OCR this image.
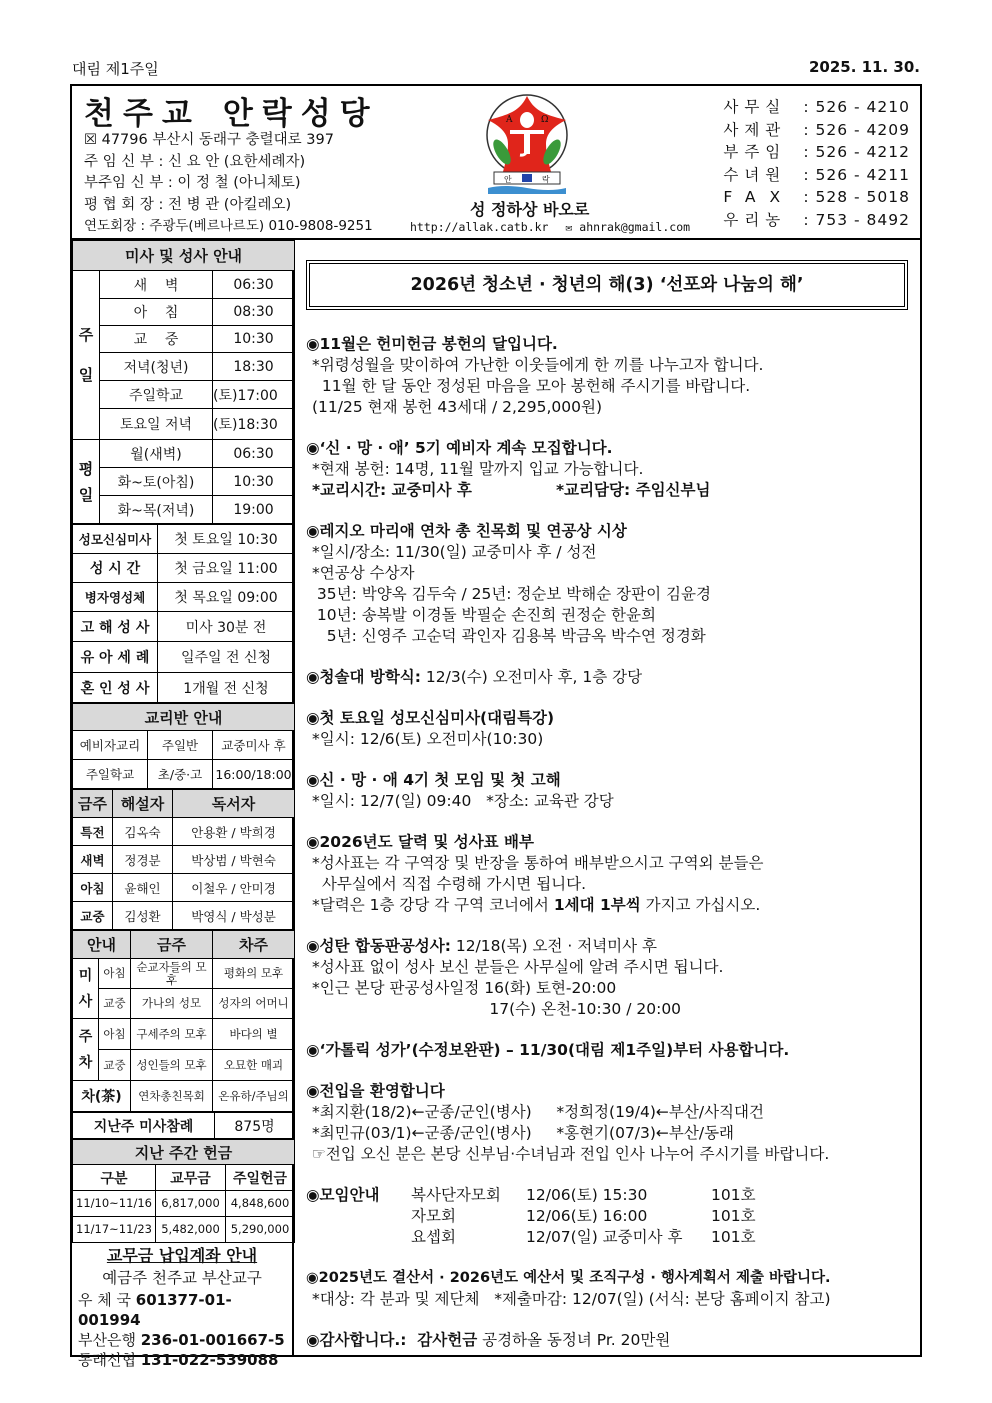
대림 제1주일	2025. 11. 30.
천주교 안락성당
☒ 47796 부산시 동래구 충렬대로 397
주 임 신 부 : 신 요 안 (요한세례자)
부주임 신 부 : 이 정 철 (아니체토)
평 협 회 장 : 전 병 관 (아킬레오)
연도회장 : 주광두(베르나르도) 010-9808-9251
A	Ω
안	락
성 정하상 바오로
http://allak.catb.kr ✉ ahnrak@gmail.com
사무실	: 526 - 4210
사제관	: 526 - 4209
부주임	: 526 - 4212
수녀원	: 526 - 4211
FAX : 528 - 5018
우리농	: 753 - 8492
미사 및 성사 안내		
주
일	새    벽	06:30
	아    침	08:30
	교    중	10:30
	저녁(청년)	18:30
	주일학교	(토)17:00
	토요일 저녁	(토)18:30
평
일	월(새벽)	06:30
	화~토(아침)	10:30
	화~목(저녁)	19:00
성모신심미사	첫 토요일 10:30
성 시 간	첫 금요일 11:00
병자영성체	첫 목요일 09:00
고 해 성 사	미사 30분 전
유 아 세 례	일주일 전 신청
혼 인 성 사	1개월 전 신청
교리반 안내		
예비자교리	주일반	교중미사 후
주일학교	초/중·고	16:00/18:00
금주	해설자	독서자
특전	김옥숙	안용환 / 박희경
새벽	정경분	박상범 / 박현숙
아침	윤해인	이철우 / 안미경
교중	김성환	박영식 / 박성분
안내		금주	차주
미
사	아침	순교자들의 모후	평화의 모후
	교중	가나의 성모	성자의 어머니
주
차	아침	구세주의 모후	바다의 별
	교중	성인들의 모후	오묘한 매괴
차(茶)		연차총친목회	온유하/주님의
지난주 미사참례	875명
지난 주간 헌금		
구분	교무금	주일헌금
11/10~11/16	6,817,000	4,848,600
11/17~11/23	5,482,000	5,290,000
교무금 납입계좌 안내
예금주 천주교 부산교구
우 체 국 601377-01-001994
부산은행 236-01-001667-5
동래신협 131-022-539088
2026년 청소년 · 청년의 해(3) ‘선포와 나눔의 해’
◉11월은 헌미헌금 봉헌의 달입니다.
*위령성월을 맞이하여 가난한 이웃들에게 한 끼를 나누고자 합니다.
11월 한 달 동안 정성된 마음을 모아 봉헌해 주시기를 바랍니다.
(11/25 현재 봉헌 43세대 / 2,295,000원)
◉‘신 · 망 · 애’ 5기 예비자 계속 모집합니다.
*현재 봉헌: 14명, 11월 말까지 입교 가능합니다.
*교리시간: 교중미사 후	*교리담당: 주임신부님
◉레지오 마리애 연차 총 친목회 및 연공상 시상
*일시/장소: 11/30(일) 교중미사 후 / 성전
*연공상 수상자
35년: 박양옥 김두숙 / 25년: 정순보 박해순 장판이 김윤경
10년: 송복발 이경돌 박필순 손진희 권정순 한윤희
5년: 신영주 고순덕 곽인자 김용복 박금옥 박수연 정경화
◉청솔대 방학식: 12/3(수) 오전미사 후, 1층 강당
◉첫 토요일 성모신심미사(대림특강)
*일시: 12/6(토) 오전미사(10:30)
◉신 · 망 · 애 4기 첫 모임 및 첫 고해
*일시: 12/7(일) 09:40   *장소: 교육관 강당
◉2026년도 달력 및 성사표 배부
*성사표는 각 구역장 및 반장을 통하여 배부받으시고 구역외 분들은
사무실에서 직접 수령해 가시면 됩니다.
*달력은 1층 강당 각 구역 코너에서 1세대 1부씩 가지고 가십시오.
◉성탄 합동판공성사: 12/18(목) 오전 · 저녁미사 후
*성사표 없이 성사 보신 분들은 사무실에 알려 주시면 됩니다.
*인근 본당 판공성사일정 16(화) 토현-20:00
17(수) 온천-10:30 / 20:00
◉‘가톨릭 성가’(수정보완판) – 11/30(대림 제1주일)부터 사용합니다.
◉전입을 환영합니다
*최지환(18/2)←군종/군인(병사)     *정희정(19/4)←부산/사직대건
*최민규(03/1)←군종/군인(병사)     *홍현기(07/3)←부산/동래
☞전입 오신 분은 본당 신부님·수녀님과 전입 인사 나누어 주시기를 바랍니다.
◉모임안내	복사단자모회	12/06(토) 15:30	101호
자모회	12/06(토) 16:00	101호
요셉회	12/07(일) 교중미사 후	101호
◉2025년도 결산서 · 2026년도 예산서 및 조직구성 · 행사계획서 제출 바랍니다.
*대상: 각 분과 및 제단체   *제출마감: 12/07(일) (서식: 본당 홈페이지 참고)
◉감사합니다.:  감사헌금 공경하올 동정녀 Pr. 20만원
